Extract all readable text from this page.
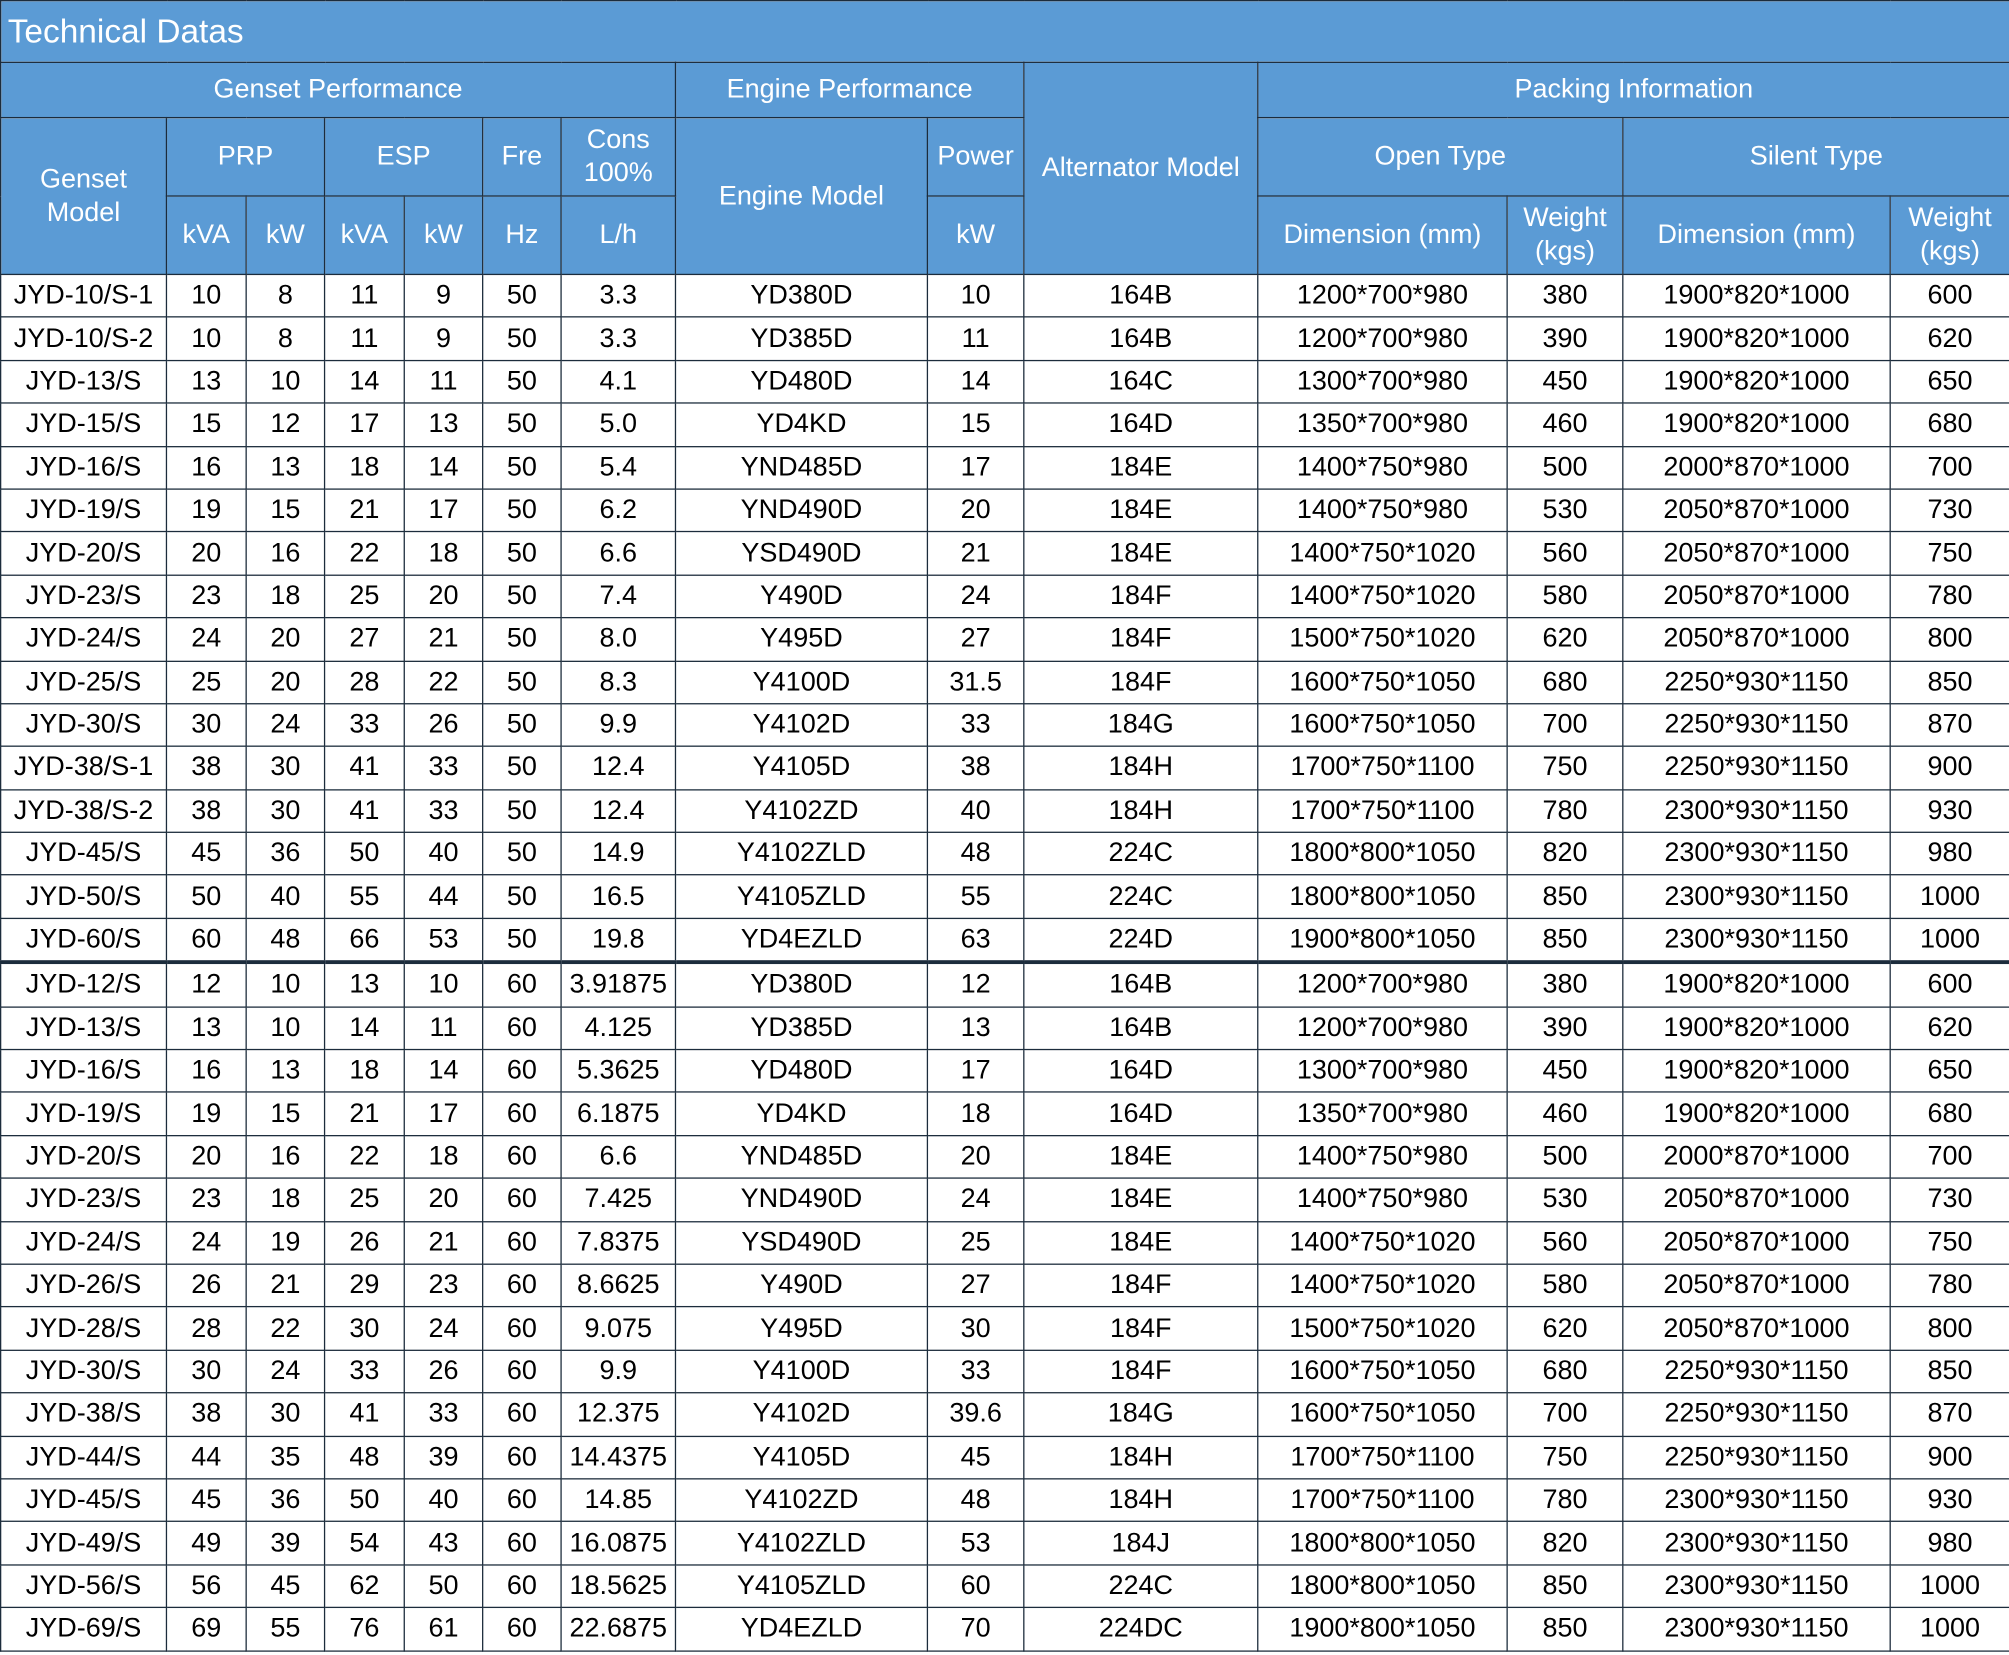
Technical Datas													
Genset Performance							Engine Performance		Alternator Model	Packing Information			
Genset Model	PRP		ESP		Fre	Cons 100%	Engine Model	Power		Open Type		Silent Type	
	kVA	kW	kVA	kW	Hz	L/h		kW		Dimension (mm)	Weight (kgs)	Dimension (mm)	Weight (kgs)
JYD-10/S-1	10	8	11	9	50	3.3	YD380D	10	164B	1200*700*980	380	1900*820*1000	600
JYD-10/S-2	10	8	11	9	50	3.3	YD385D	11	164B	1200*700*980	390	1900*820*1000	620
JYD-13/S	13	10	14	11	50	4.1	YD480D	14	164C	1300*700*980	450	1900*820*1000	650
JYD-15/S	15	12	17	13	50	5.0	YD4KD	15	164D	1350*700*980	460	1900*820*1000	680
JYD-16/S	16	13	18	14	50	5.4	YND485D	17	184E	1400*750*980	500	2000*870*1000	700
JYD-19/S	19	15	21	17	50	6.2	YND490D	20	184E	1400*750*980	530	2050*870*1000	730
JYD-20/S	20	16	22	18	50	6.6	YSD490D	21	184E	1400*750*1020	560	2050*870*1000	750
JYD-23/S	23	18	25	20	50	7.4	Y490D	24	184F	1400*750*1020	580	2050*870*1000	780
JYD-24/S	24	20	27	21	50	8.0	Y495D	27	184F	1500*750*1020	620	2050*870*1000	800
JYD-25/S	25	20	28	22	50	8.3	Y4100D	31.5	184F	1600*750*1050	680	2250*930*1150	850
JYD-30/S	30	24	33	26	50	9.9	Y4102D	33	184G	1600*750*1050	700	2250*930*1150	870
JYD-38/S-1	38	30	41	33	50	12.4	Y4105D	38	184H	1700*750*1100	750	2250*930*1150	900
JYD-38/S-2	38	30	41	33	50	12.4	Y4102ZD	40	184H	1700*750*1100	780	2300*930*1150	930
JYD-45/S	45	36	50	40	50	14.9	Y4102ZLD	48	224C	1800*800*1050	820	2300*930*1150	980
JYD-50/S	50	40	55	44	50	16.5	Y4105ZLD	55	224C	1800*800*1050	850	2300*930*1150	1000
JYD-60/S	60	48	66	53	50	19.8	YD4EZLD	63	224D	1900*800*1050	850	2300*930*1150	1000
JYD-12/S	12	10	13	10	60	3.91875	YD380D	12	164B	1200*700*980	380	1900*820*1000	600
JYD-13/S	13	10	14	11	60	4.125	YD385D	13	164B	1200*700*980	390	1900*820*1000	620
JYD-16/S	16	13	18	14	60	5.3625	YD480D	17	164D	1300*700*980	450	1900*820*1000	650
JYD-19/S	19	15	21	17	60	6.1875	YD4KD	18	164D	1350*700*980	460	1900*820*1000	680
JYD-20/S	20	16	22	18	60	6.6	YND485D	20	184E	1400*750*980	500	2000*870*1000	700
JYD-23/S	23	18	25	20	60	7.425	YND490D	24	184E	1400*750*980	530	2050*870*1000	730
JYD-24/S	24	19	26	21	60	7.8375	YSD490D	25	184E	1400*750*1020	560	2050*870*1000	750
JYD-26/S	26	21	29	23	60	8.6625	Y490D	27	184F	1400*750*1020	580	2050*870*1000	780
JYD-28/S	28	22	30	24	60	9.075	Y495D	30	184F	1500*750*1020	620	2050*870*1000	800
JYD-30/S	30	24	33	26	60	9.9	Y4100D	33	184F	1600*750*1050	680	2250*930*1150	850
JYD-38/S	38	30	41	33	60	12.375	Y4102D	39.6	184G	1600*750*1050	700	2250*930*1150	870
JYD-44/S	44	35	48	39	60	14.4375	Y4105D	45	184H	1700*750*1100	750	2250*930*1150	900
JYD-45/S	45	36	50	40	60	14.85	Y4102ZD	48	184H	1700*750*1100	780	2300*930*1150	930
JYD-49/S	49	39	54	43	60	16.0875	Y4102ZLD	53	184J	1800*800*1050	820	2300*930*1150	980
JYD-56/S	56	45	62	50	60	18.5625	Y4105ZLD	60	224C	1800*800*1050	850	2300*930*1150	1000
JYD-69/S	69	55	76	61	60	22.6875	YD4EZLD	70	224DC	1900*800*1050	850	2300*930*1150	1000
